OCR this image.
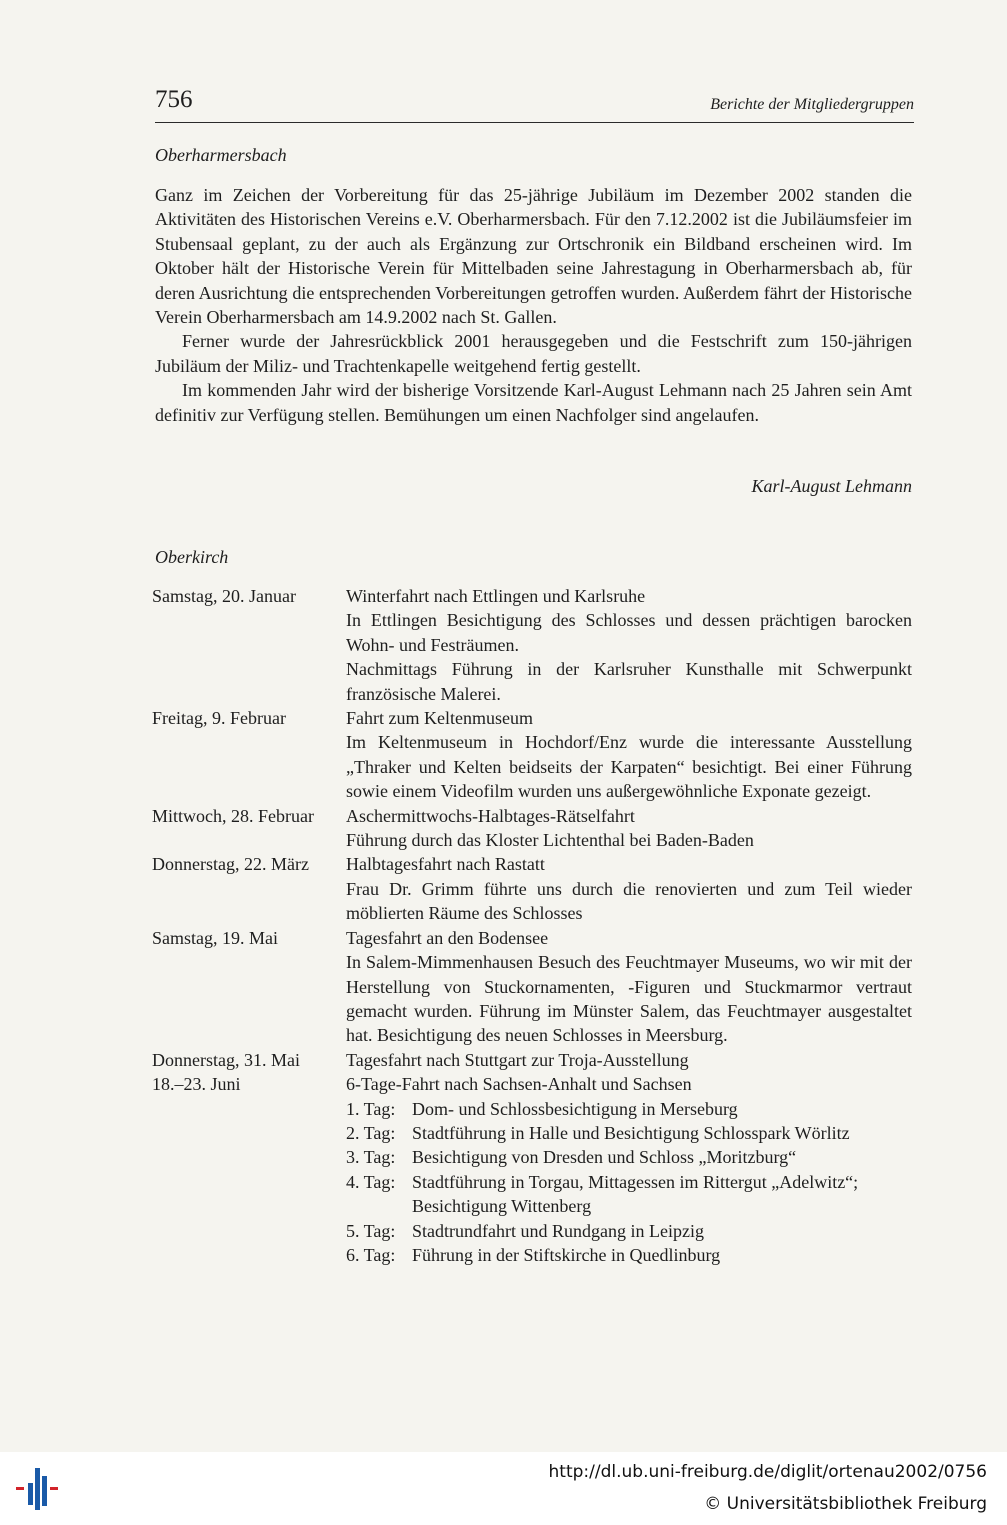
756	Berichte der Mitgliedergruppen
Oberharmersbach

Ganz im Zeichen der Vorbereitung für das 25-jährige Jubiläum im Dezember 2002 standen die Aktivitäten des Historischen Vereins e.V. Oberharmersbach. Für den 7.12.2002 ist die Jubiläumsfeier im Stubensaal geplant, zu der auch als Ergänzung zur Ortschronik ein Bildband erscheinen wird. Im Oktober hält der Historische Verein für Mittelbaden seine Jahrestagung in Oberharmersbach ab, für deren Ausrichtung die entsprechenden Vorbereitungen getroffen wurden. Außerdem fährt der Historische Verein Oberharmersbach am 14.9.2002 nach St. Gallen.

Ferner wurde der Jahresrückblick 2001 herausgegeben und die Festschrift zum 150-jährigen Jubiläum der Miliz- und Trachtenkapelle weitgehend fertig gestellt.

Im kommenden Jahr wird der bisherige Vorsitzende Karl-August Lehmann nach 25 Jahren sein Amt definitiv zur Verfügung stellen. Bemühungen um einen Nachfolger sind angelaufen.

Karl-August Lehmann
Oberkirch
Samstag, 20. Januar	Winterfahrt nach Ettlingen und Karlsruhe
In Ettlingen Besichtigung des Schlosses und dessen prächtigen barocken Wohn- und Festräumen.
Nachmittags Führung in der Karlsruher Kunsthalle mit Schwerpunkt französische Malerei.
Freitag, 9. Februar	Fahrt zum Keltenmuseum
Im Keltenmuseum in Hochdorf/Enz wurde die interessante Ausstellung „Thraker und Kelten beidseits der Karpaten“ besichtigt. Bei einer Führung sowie einem Videofilm wurden uns außergewöhnliche Exponate gezeigt.
Mittwoch, 28. Februar	Aschermittwochs-Halbtages-Rätselfahrt
Führung durch das Kloster Lichtenthal bei Baden-Baden
Donnerstag, 22. März	Halbtagesfahrt nach Rastatt
Frau Dr. Grimm führte uns durch die renovierten und zum Teil wieder möblierten Räume des Schlosses
Samstag, 19. Mai	Tagesfahrt an den Bodensee
In Salem-Mimmenhausen Besuch des Feuchtmayer Museums, wo wir mit der Herstellung von Stuckornamenten, -Figuren und Stuckmarmor vertraut gemacht wurden. Führung im Münster Salem, das Feuchtmayer ausgestaltet hat. Besichtigung des neuen Schlosses in Meersburg.
Donnerstag, 31. Mai	Tagesfahrt nach Stuttgart zur Troja-Ausstellung
18.–23. Juni	6-Tage-Fahrt nach Sachsen-Anhalt und Sachsen
1. Tag: Dom- und Schlossbesichtigung in Merseburg
2. Tag: Stadtführung in Halle und Besichtigung Schlosspark Wörlitz
3. Tag: Besichtigung von Dresden und Schloss „Moritzburg“
4. Tag: Stadtführung in Torgau, Mittagessen im Rittergut „Adelwitz“; Besichtigung Wittenberg
5. Tag: Stadtrundfahrt und Rundgang in Leipzig
6. Tag: Führung in der Stiftskirche in Quedlinburg
http://dl.ub.uni-freiburg.de/diglit/ortenau2002/0756
© Universitätsbibliothek Freiburg
